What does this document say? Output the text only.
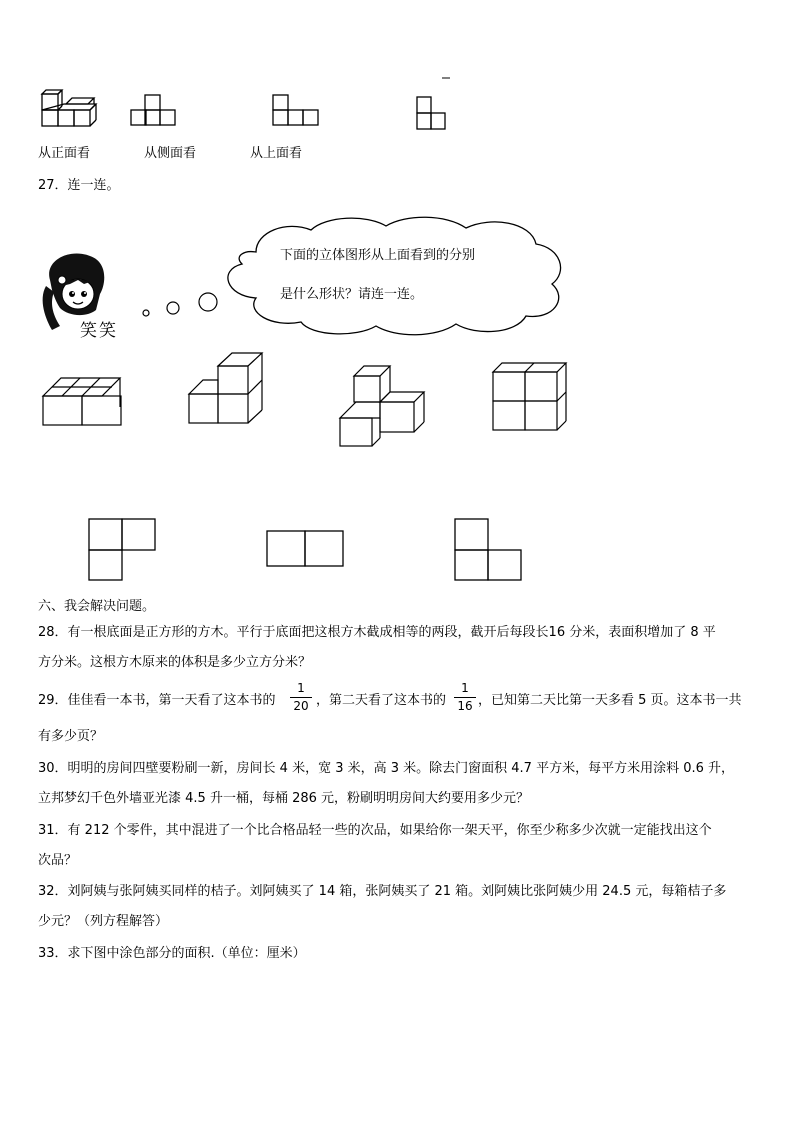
从正面看	从侧面看	从上面看
27．连一连。
笑笑
下面的立体图形从上面看到的分别
是什么形状？请连一连。
六、我会解决问题。
28．有一根底面是正方形的方木。平行于底面把这根方木截成相等的两段，截开后每段长16 分米，表面积增加了 8 平
方分米。这根方木原来的体积是多少立方分米？
29．佳佳看一本书，第一天看了这本书的
1
20 ，第二天看了这本书的
1
16 ，已知第二天比第一天多看 5 页。这本书一共
有多少页？
30．明明的房间四壁要粉刷一新，房间长 4 米，宽 3 米，高 3 米。除去门窗面积 4.7 平方米，每平方米用涂料 0.6 升，
立邦梦幻千色外墙亚光漆 4.5 升一桶，每桶 286 元，粉刷明明房间大约要用多少元？
31．有 212 个零件，其中混进了一个比合格品轻一些的次品，如果给你一架天平，你至少称多少次就一定能找出这个
次品？
32．刘阿姨与张阿姨买同样的桔子。刘阿姨买了 14 箱，张阿姨买了 21 箱。刘阿姨比张阿姨少用 24.5 元，每箱桔子多
少元？（列方程解答）
33．求下图中涂色部分的面积.（单位：厘米）
